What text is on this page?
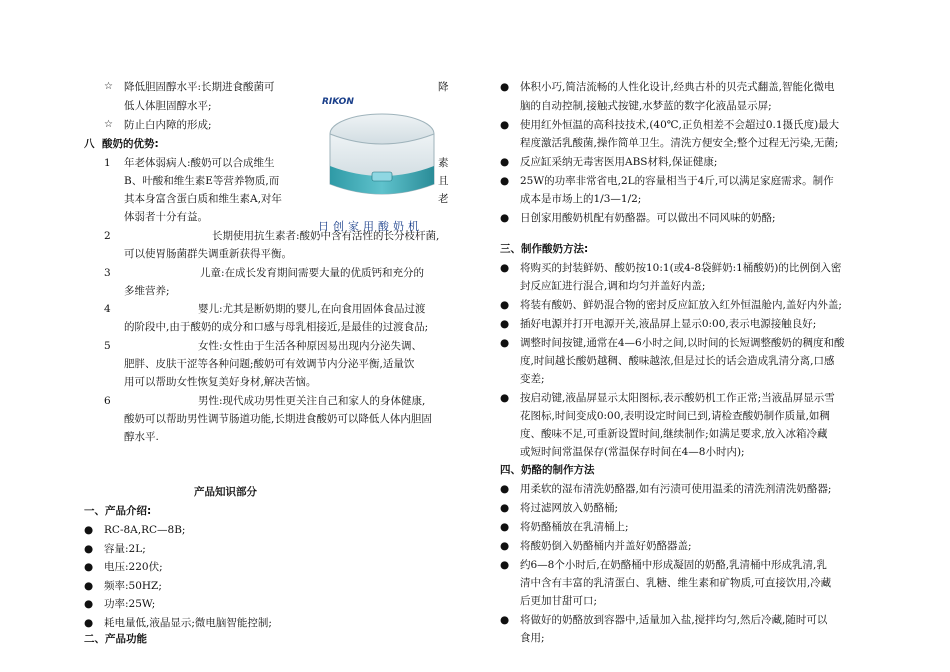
☆ 降低胆固醇水平:长期进食酸菌可	降
低人体胆固醇水平;
☆ 防止白内障的形成;
八 酸奶的优势:
1 年老体弱病人:酸奶可以合成维生	素
B、叶酸和维生素E等营养物质,而	且
其本身富含蛋白质和维生素A,对年	老
体弱者十分有益。
2	长期使用抗生素者:酸奶中含有活性的长分枝杆菌,
可以使胃肠菌群失调重新获得平衡。
3	儿童:在成长发育期间需要大量的优质钙和充分的
多维营养;
4	婴儿:尤其是断奶期的婴儿,在向食用固体食品过渡
的阶段中,由于酸奶的成分和口感与母乳相接近,是最佳的过渡食品;
5	女性:女性由于生活各种原因易出现内分泌失调、
肥胖、皮肤干涩等各种问题;酸奶可有效调节内分泌平衡,适量饮
用可以帮助女性恢复美好身材,解决苦恼。
6	男性:现代成功男性更关注自己和家人的身体健康,
酸奶可以帮助男性调节肠道功能,长期进食酸奶可以降低人体内胆固
醇水平.
产品知识部分
一、产品介绍:
● RC-8A,RC—8B;
● 容量:2L;
● 电压:220伏;
● 频率:50HZ;
● 功率:25W;
● 耗电量低,液晶显示;微电脑智能控制;
二、产品功能
RIKON
日创家用酸奶机
● 体积小巧,简洁流畅的人性化设计,经典古朴的贝壳式翻盖,智能化微电
脑的自动控制,接触式按键,水梦蓝的数字化液晶显示屏;
● 使用红外恒温的高科技技术,(40℃,正负相差不会超过0.1摄氏度)最大
程度激活乳酸菌,操作简单卫生。清洗方便安全;整个过程无污染,无菌;
● 反应缸采纳无毒害医用ABS材料,保证健康;
● 25W的功率非常省电,2L的容量相当于4斤,可以满足家庭需求。制作
成本是市场上的1/3—1/2;
● 日创家用酸奶机配有奶酪器。可以做出不同风味的奶酪;
三、制作酸奶方法:
● 将购买的封装鲜奶、酸奶按10:1(或4-8袋鲜奶:1桶酸奶)的比例倒入密
封反应缸进行混合,调和均匀并盖好内盖;
● 将装有酸奶、鲜奶混合物的密封反应缸放入红外恒温舱内,盖好内外盖;
● 插好电源并打开电源开关,液晶屏上显示0:00,表示电源接触良好;
● 调整时间按键,通常在4—6小时之间,以时间的长短调整酸奶的稠度和酸
度,时间越长酸奶越稠、酸味越浓,但是过长的话会造成乳清分离,口感
变差;
● 按启动键,液晶屏显示太阳图标,表示酸奶机工作正常;当液晶屏显示雪
花图标,时间变成0:00,表明设定时间已到,请检查酸奶制作质量,如稠
度、酸味不足,可重新设置时间,继续制作;如满足要求,放入冰箱冷藏
或短时间常温保存(常温保存时间在4—8小时内);
四、奶酪的制作方法
● 用柔软的湿布清洗奶酪器,如有污渍可使用温柔的清洗剂清洗奶酪器;
● 将过滤网放入奶酪桶;
● 将奶酪桶放在乳清桶上;
● 将酸奶倒入奶酪桶内并盖好奶酪器盖;
● 约6—8个小时后,在奶酪桶中形成凝固的奶酪,乳清桶中形成乳清,乳
清中含有丰富的乳清蛋白、乳糖、维生素和矿物质,可直接饮用,冷藏
后更加甘甜可口;
● 将做好的奶酪放到容器中,适量加入盐,搅拌均匀,然后冷藏,随时可以
食用;
